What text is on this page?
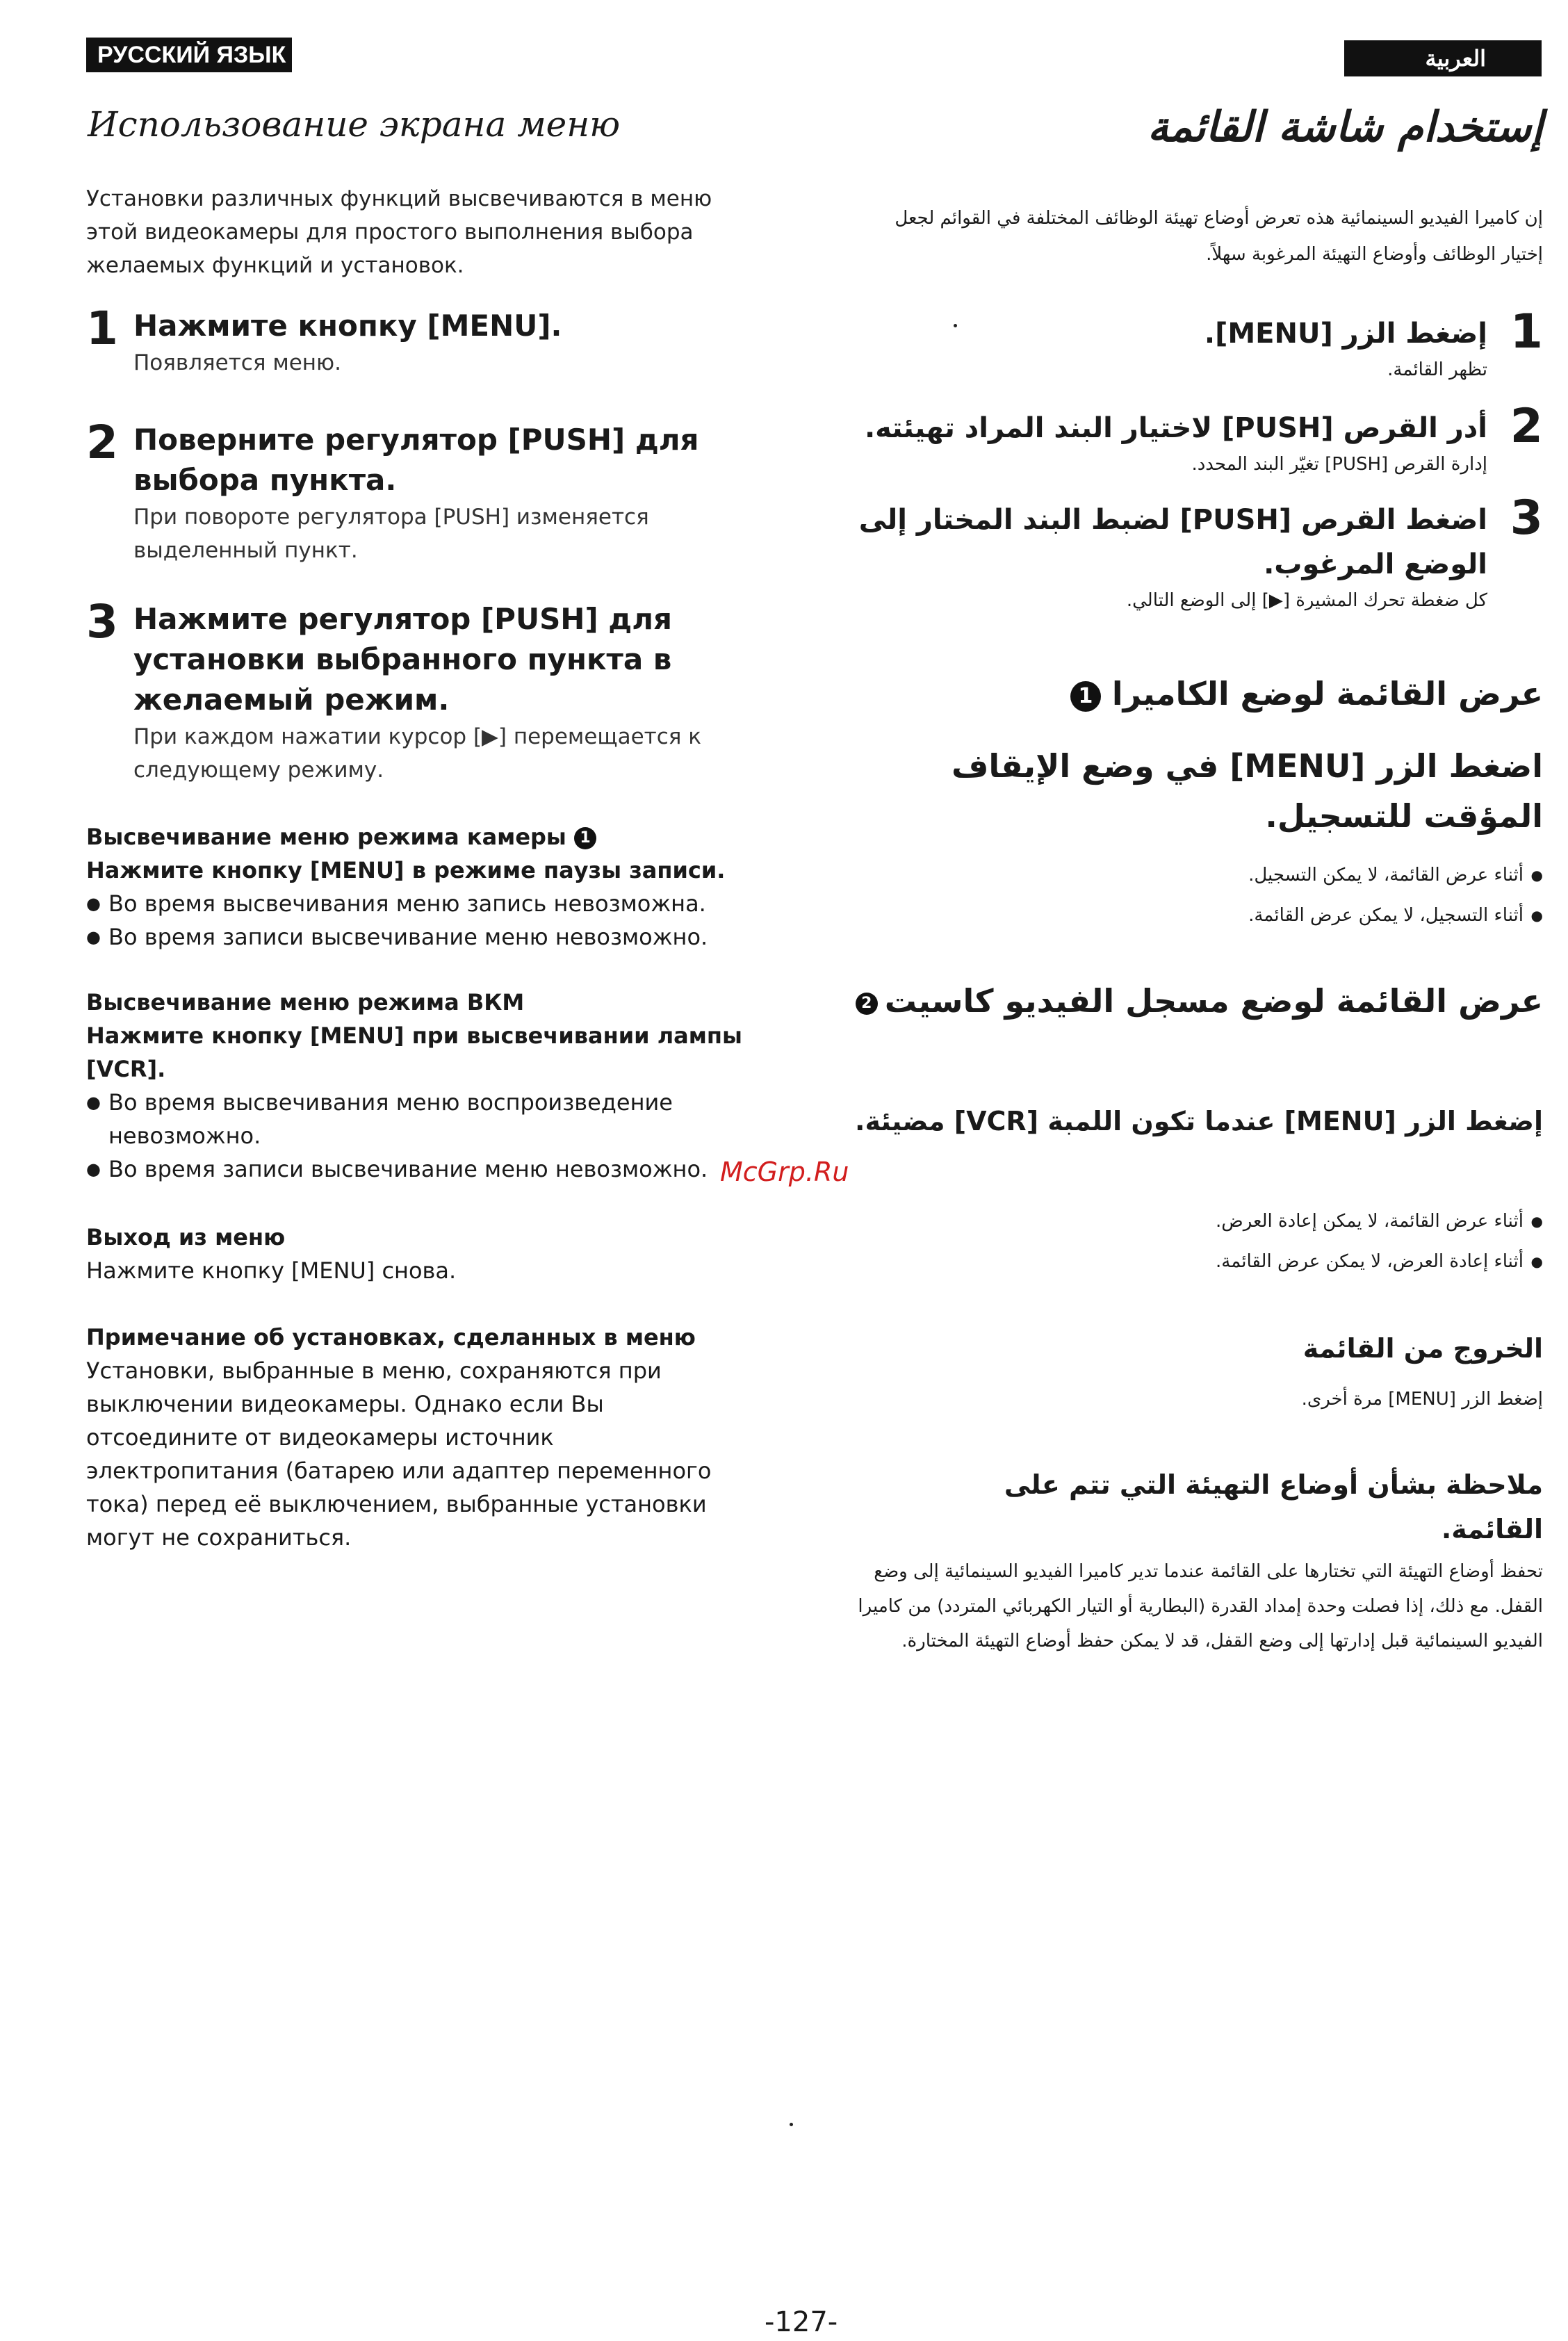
РУССКИЙ ЯЗЫК	العربية
Использование экрана меню
Установки различных функций высвечиваются в меню этой видеокамеры для простого выполнения выбора желаемых функций и установок.
1 Нажмите кнопку [MENU].
Появляется меню.
2 Поверните регулятор [PUSH] для выбора пункта.
При повороте регулятора [PUSH] изменяется выделенный пункт.
3 Нажмите регулятор [PUSH] для установки выбранного пункта в желаемый режим.
При каждом нажатии курсор [▶] перемещается к следующему режиму.
Высвечивание меню режима камеры 1
Нажмите кнопку [MENU] в режиме паузы записи.
● Во время высвечивания меню запись невозможна.
● Во время записи высвечивание меню невозможно.
Высвечивание меню режима ВКМ
Нажмите кнопку [MENU] при высвечивании лампы [VCR].
● Во время высвечивания меню воспроизведение невозможно.
● Во время записи высвечивание меню невозможно.
Выход из меню
Нажмите кнопку [MENU] снова.
Примечание об установках, сделанных в меню
Установки, выбранные в меню, сохраняются при выключении видеокамеры. Однако если Вы отсоедините от видеокамеры источник электропитания (батарею или адаптер переменного тока) перед её выключением, выбранные установки могут не сохраниться.
McGrp.Ru
إستخدام شاشة القائمة
إن كاميرا الفيديو السينمائية هذه تعرض أوضاع تهيئة الوظائف المختلفة في القوائم لجعل إختيار الوظائف وأوضاع التهيئة المرغوبة سهلاً.
1
إضغط الزر [MENU].
تظهر القائمة.
2
أدر القرص [PUSH] لاختيار البند المراد تهيئته.
إدارة القرص [PUSH] تغيّر البند المحدد.
3
اضغط القرص [PUSH] لضبط البند المختار إلى الوضع المرغوب.
كل ضغطة تحرك المشيرة [▶] إلى الوضع التالي.
عرض القائمة لوضع الكاميرا 1
اضغط الزر [MENU] في وضع الإيقاف المؤقت للتسجيل.
● أثناء عرض القائمة، لا يمكن التسجيل.
● أثناء التسجيل، لا يمكن عرض القائمة.
عرض القائمة لوضع مسجل الفيديو كاسيت2
إضغط الزر [MENU] عندما تكون اللمبة [VCR] مضيئة.
● أثناء عرض القائمة، لا يمكن إعادة العرض.
● أثناء إعادة العرض، لا يمكن عرض القائمة.
الخروج من القائمة
إضغط الزر [MENU] مرة أخرى.
ملاحظة بشأن أوضاع التهيئة التي تتم على القائمة.
تحفظ أوضاع التهيئة التي تختارها على القائمة عندما تدير كاميرا الفيديو السينمائية إلى وضع القفل. مع ذلك، إذا فصلت وحدة إمداد القدرة (البطارية أو التيار الكهربائي المتردد) من كاميرا الفيديو السينمائية قبل إدارتها إلى وضع القفل، قد لا يمكن حفظ أوضاع التهيئة المختارة.
-127-
